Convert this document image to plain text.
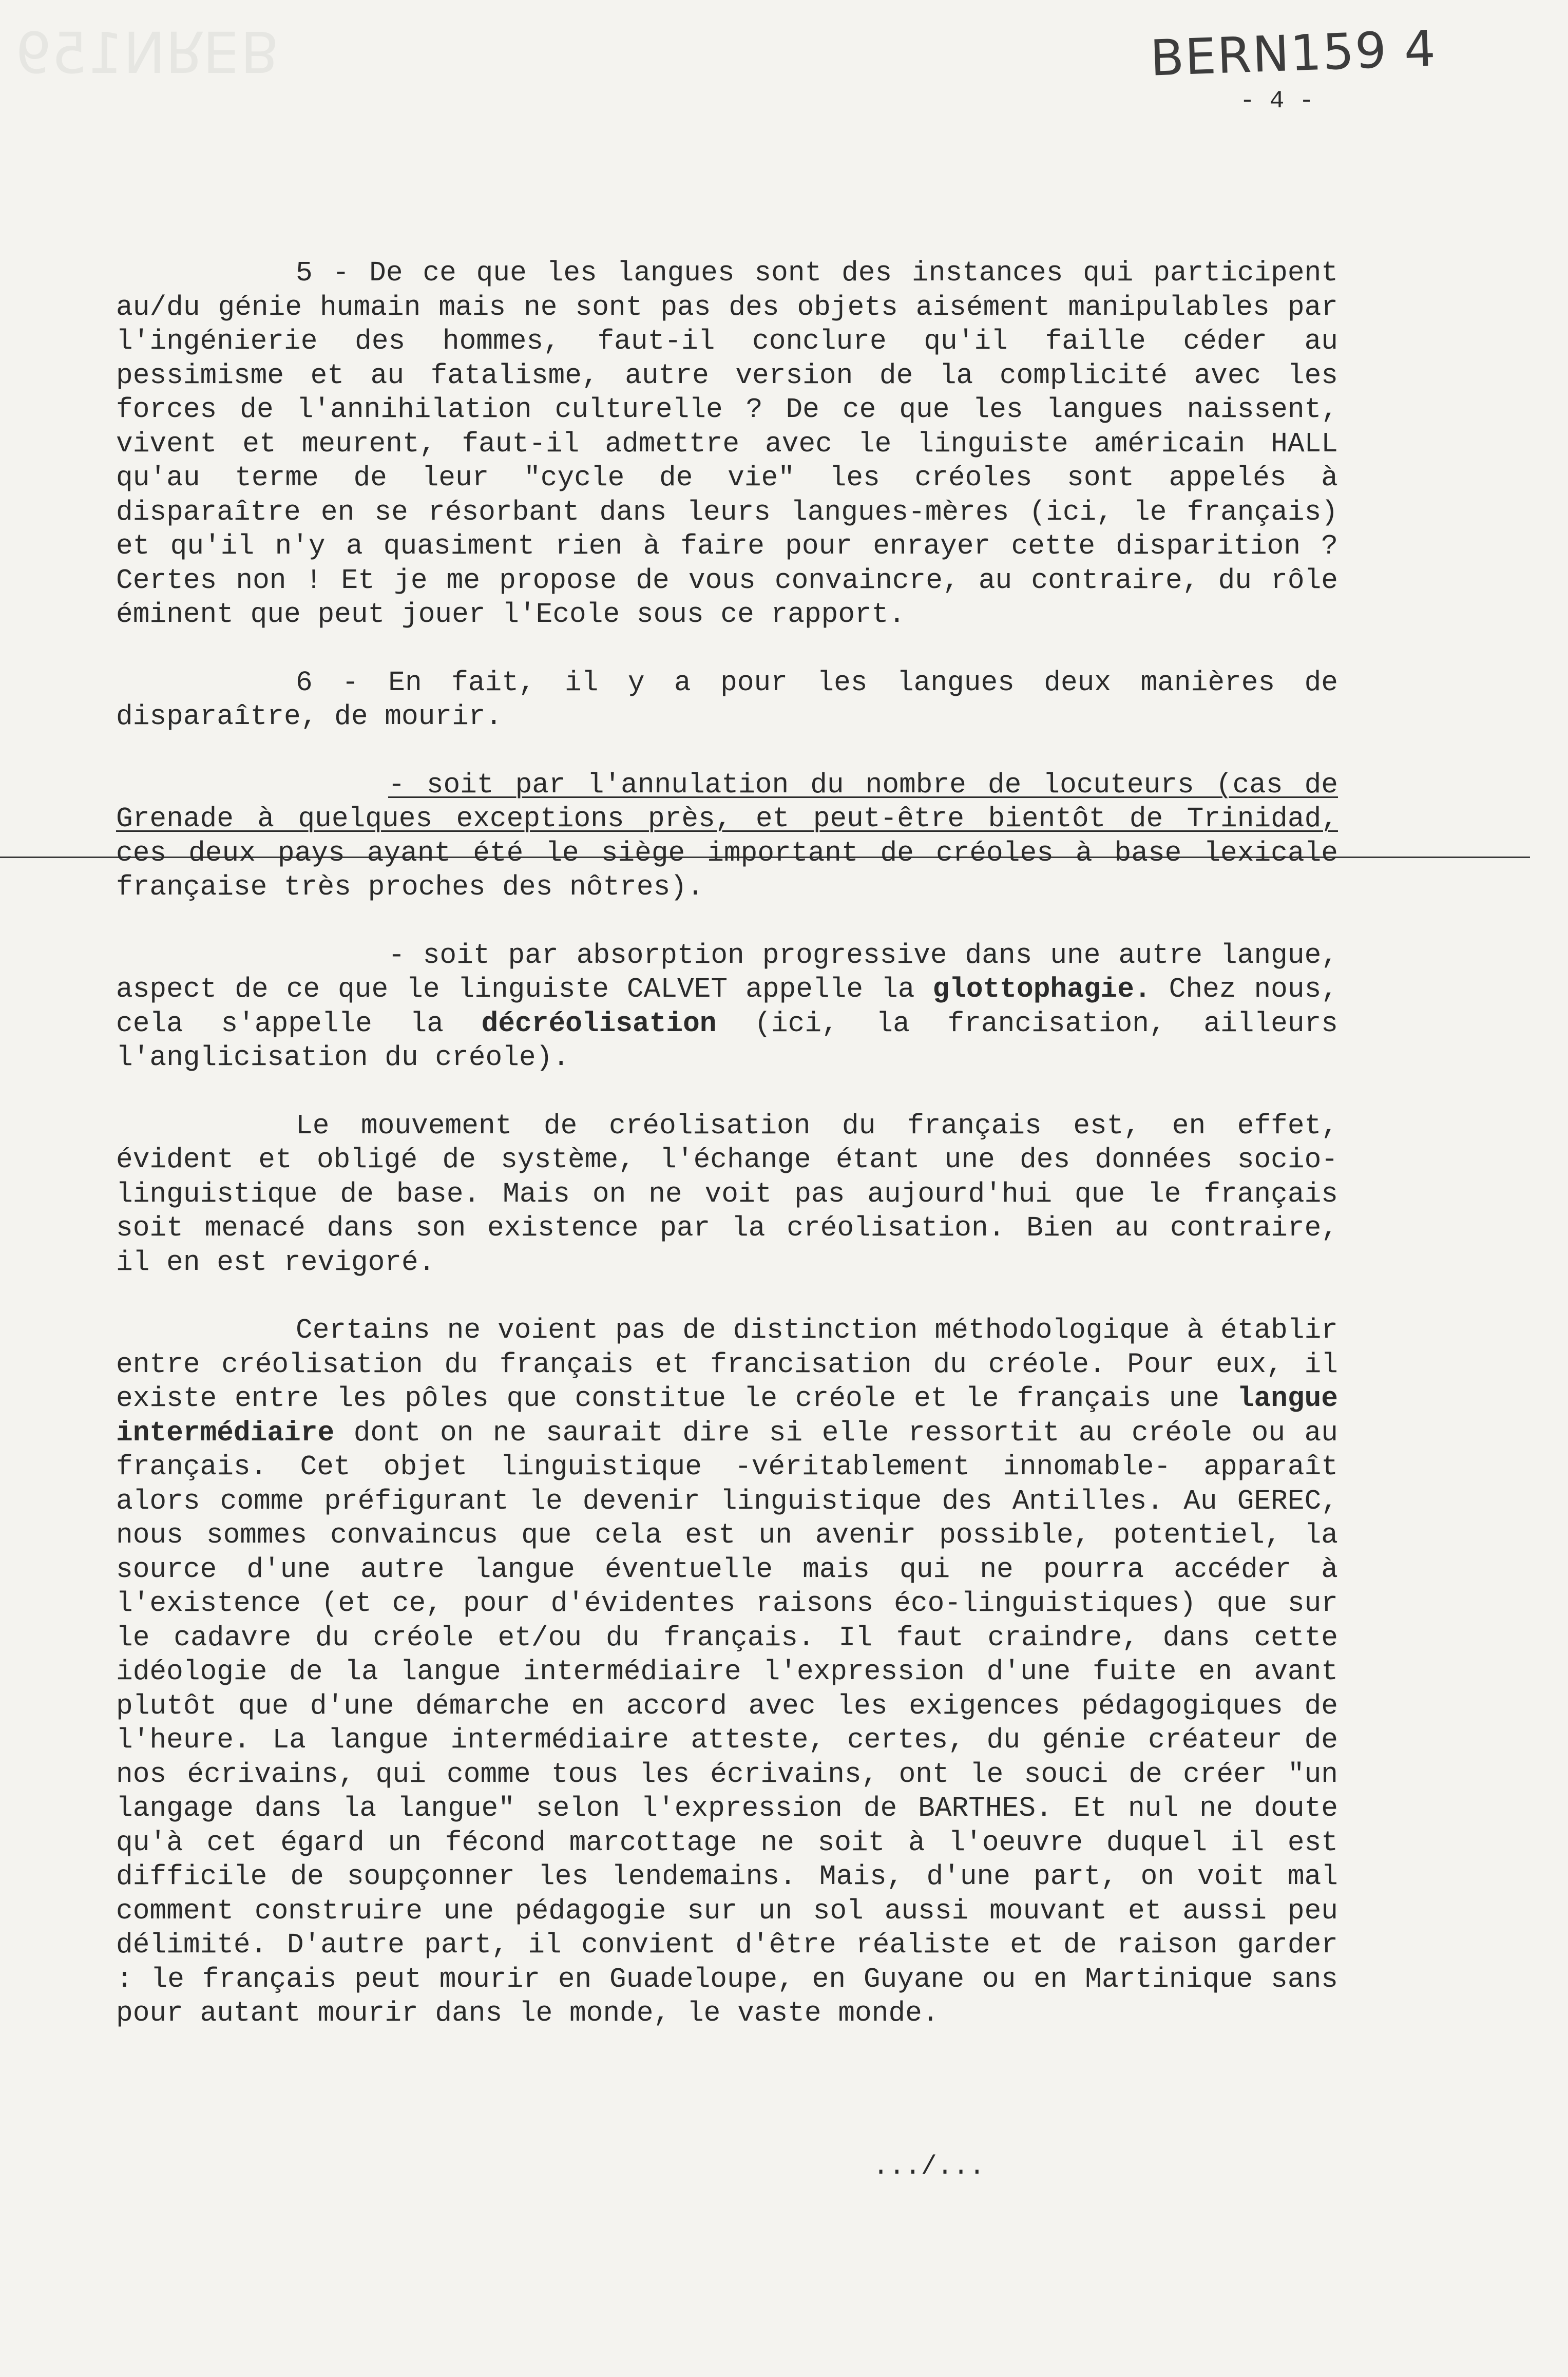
ꓭ∃ꓤꓠ159	BERN159 4
- 4 -

5 - De ce que les langues sont des instances qui participent au/du génie humain mais ne sont pas des objets aisément manipulables par l'ingénierie des hommes, faut-il conclure qu'il faille céder au pessimisme et au fatalisme, autre version de la complicité avec les forces de l'annihilation culturelle ? De ce que les langues naissent, vivent et meurent, faut-il admettre avec le linguiste américain HALL qu'au terme de leur "cycle de vie" les créoles sont appelés à disparaître en se résorbant dans leurs langues-mères (ici, le français) et qu'il n'y a quasiment rien à faire pour enrayer cette disparition ? Certes non ! Et je me propose de vous convaincre, au contraire, du rôle éminent que peut jouer l'Ecole sous ce rapport.

6 - En fait, il y a pour les langues deux manières de disparaître, de mourir.

- soit par l'annulation du nombre de locuteurs (cas de Grenade à quelques exceptions près, et peut-être bientôt de Trinidad, ces deux pays ayant été le siège important de créoles à base lexicale française très proches des nôtres).

- soit par absorption progressive dans une autre langue, aspect de ce que le linguiste CALVET appelle la glottophagie. Chez nous, cela s'appelle la décréolisation (ici, la francisation, ailleurs l'anglicisation du créole).

Le mouvement de créolisation du français est, en effet, évident et obligé de système, l'échange étant une des données socio-linguistique de base. Mais on ne voit pas aujourd'hui que le français soit menacé dans son existence par la créolisation. Bien au contraire, il en est revigoré.

Certains ne voient pas de distinction méthodologique à établir entre créolisation du français et francisation du créole. Pour eux, il existe entre les pôles que constitue le créole et le français une langue intermédiaire dont on ne saurait dire si elle ressortit au créole ou au français. Cet objet linguistique -véritablement innomable- apparaît alors comme préfigurant le devenir linguistique des Antilles. Au GEREC, nous sommes convaincus que cela est un avenir possible, potentiel, la source d'une autre langue éventuelle mais qui ne pourra accéder à l'existence (et ce, pour d'évidentes raisons éco-linguistiques) que sur le cadavre du créole et/ou du français. Il faut craindre, dans cette idéologie de la langue intermédiaire l'expression d'une fuite en avant plutôt que d'une démarche en accord avec les exigences pédagogiques de l'heure. La langue intermédiaire atteste, certes, du génie créateur de nos écrivains, qui comme tous les écrivains, ont le souci de créer "un langage dans la langue" selon l'expression de BARTHES. Et nul ne doute qu'à cet égard un fécond marcottage ne soit à l'oeuvre duquel il est difficile de soupçonner les lendemains. Mais, d'une part, on voit mal comment construire une pédagogie sur un sol aussi mouvant et aussi peu délimité. D'autre part, il convient d'être réaliste et de raison garder : le français peut mourir en Guadeloupe, en Guyane ou en Martinique sans pour autant mourir dans le monde, le vaste monde.

.../...
